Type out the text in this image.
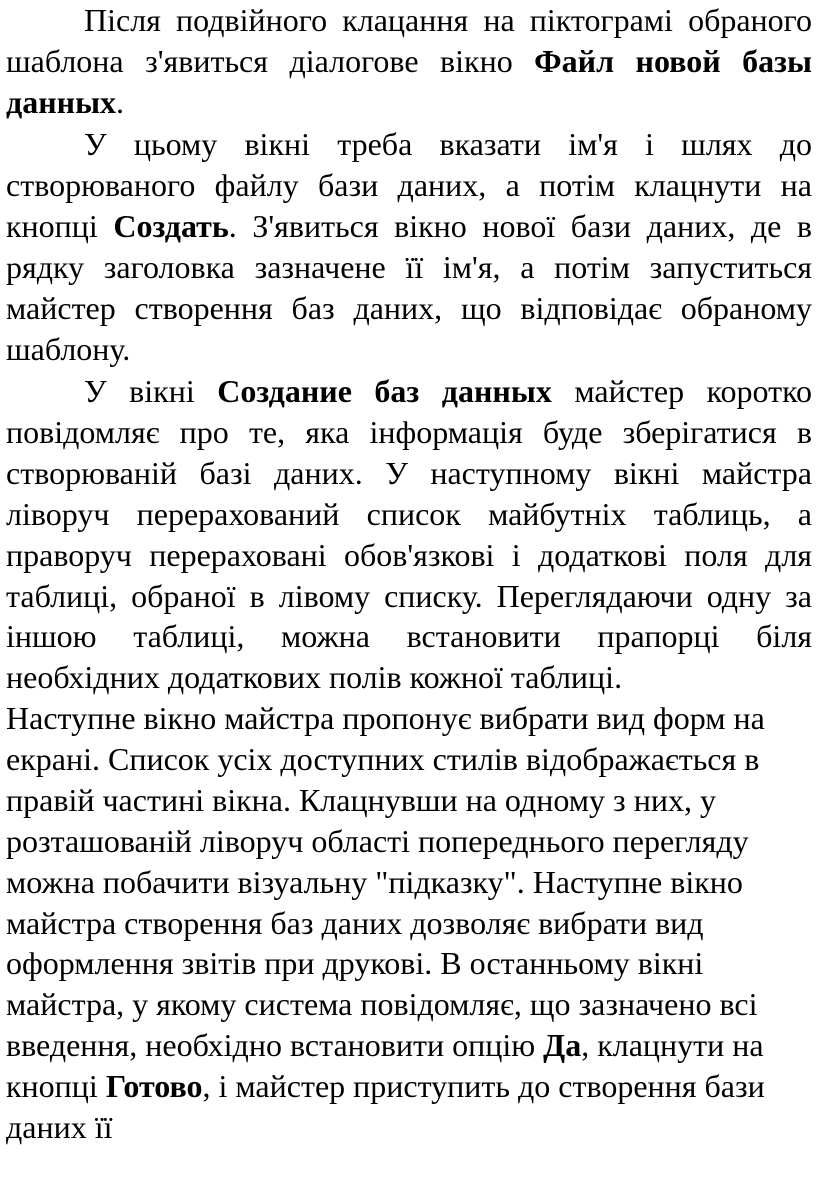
Після подвійного клацання на піктограмі обраного шаблона з'явиться діалогове вікно Файл новой базы данных.

У цьому вікні треба вказати ім'я і шлях до створюваного файлу бази даних, а потім клацнути на кнопці Создать. З'явиться вікно нової бази даних, де в рядку заголовка зазначене її ім'я, а потім запуститься майстер створення баз даних, що відповідає обраному шаблону.

У вікні Создание баз данных майстер коротко повідомляє про те, яка інформація буде зберігатися в створюваній базі даних. У наступному вікні майстра ліворуч перерахований список майбутніх таблиць, а праворуч перераховані обов'язкові і додаткові поля для таблиці, обраної в лівому списку. Переглядаючи одну за іншою таблиці, можна встановити прапорці біля необхідних додаткових полів кожної таблиці.

Наступне вікно майстра пропонує вибрати вид форм на екрані. Список усіх доступних стилів відображається в правій частині вікна. Клацнувши на одному з них, у розташованій ліворуч області попереднього перегляду можна побачити візуальну "підказку". Наступне вікно майстра створення баз даних дозволяє вибрати вид оформлення звітів при друкові. В останньому вікні майстра, у якому система повідомляє, що зазначено всі введення, необхідно встановити опцію Да, клацнути на кнопці Готово, і майстер приступить до створення бази даних її
